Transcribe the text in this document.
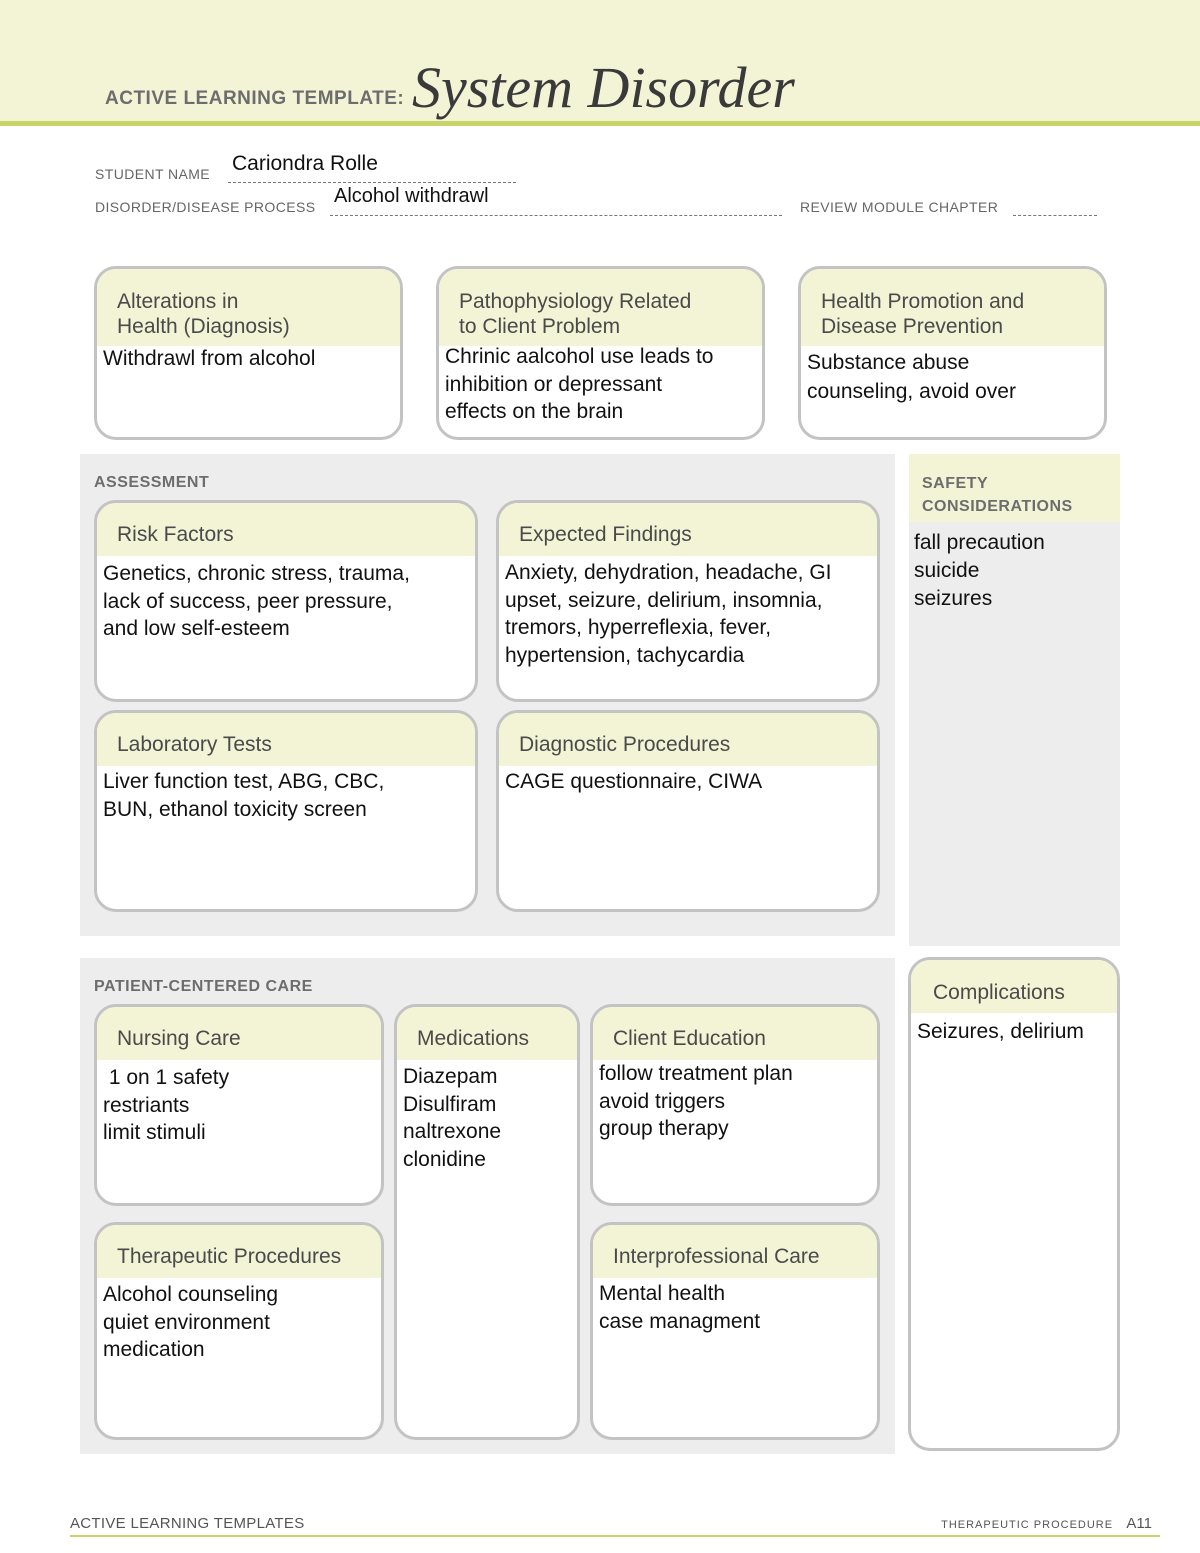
ACTIVE LEARNING TEMPLATE: System Disorder
STUDENT NAME Cariondra Rolle
DISORDER/DISEASE PROCESS Alcohol withdrawl	REVIEW MODULE CHAPTER
Alterations in
Health (Diagnosis)
Withdrawl from alcohol
Pathophysiology Related
to Client Problem
Chrinic aalcohol use leads to
inhibition or depressant
effects on the brain
Health Promotion and
Disease Prevention
Substance abuse
counseling, avoid over
ASSESSMENT
Risk Factors
Genetics, chronic stress, trauma,
lack of success, peer pressure,
and low self-esteem
Expected Findings
Anxiety, dehydration, headache, GI
upset, seizure, delirium, insomnia,
tremors, hyperreflexia, fever,
hypertension, tachycardia
Laboratory Tests
Liver function test, ABG, CBC,
BUN, ethanol toxicity screen
Diagnostic Procedures
CAGE questionnaire, CIWA
SAFETY
CONSIDERATIONS
fall precaution
suicide
seizures
PATIENT-CENTERED CARE
Nursing Care
1 on 1 safety
restriants
limit stimuli
Medications
Diazepam
Disulfiram
naltrexone
clonidine
Client Education
follow treatment plan
avoid triggers
group therapy
Therapeutic Procedures
Alcohol counseling
quiet environment
medication
Interprofessional Care
Mental health
case managment
Complications
Seizures, delirium
ACTIVE LEARNING TEMPLATES	THERAPEUTIC PROCEDURE A11
